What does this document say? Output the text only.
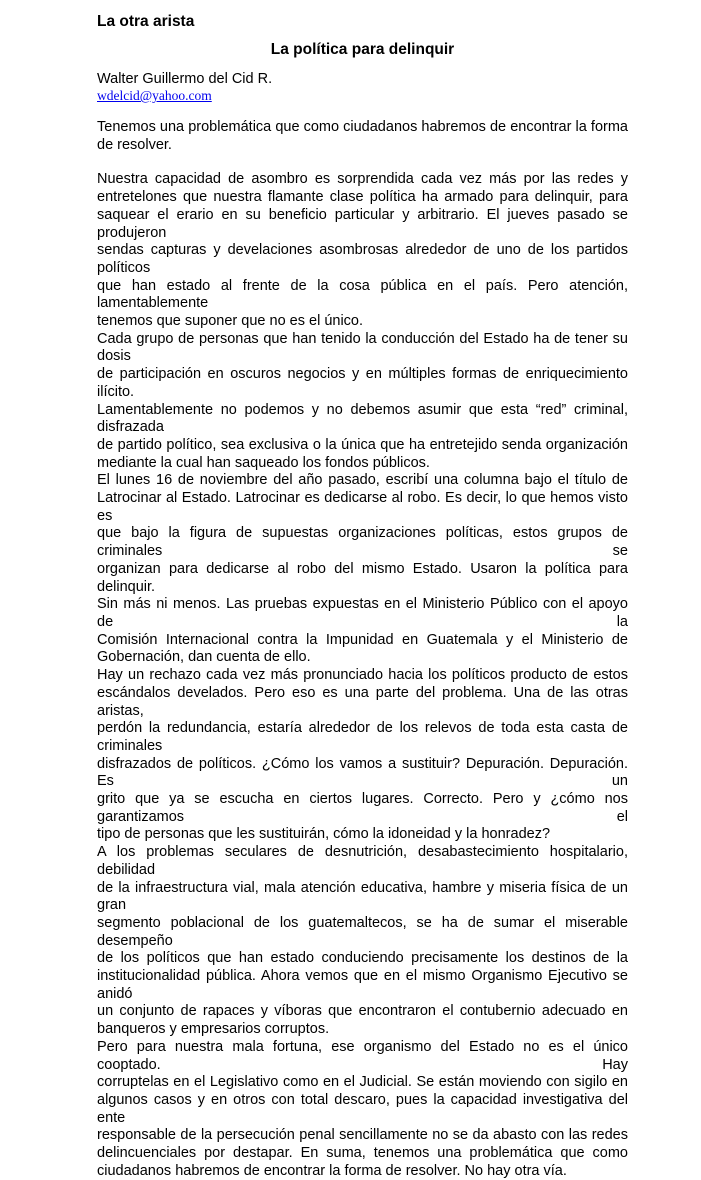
La otra arista
La política para delinquir
Walter Guillermo del Cid R.
wdelcid@yahoo.com
Tenemos una problemática que como ciudadanos habremos de encontrar la forma
de resolver.
Nuestra capacidad de asombro es sorprendida cada vez más por las redes y
entretelones que nuestra flamante clase política ha armado para delinquir, para
saquear el erario en su beneficio particular y arbitrario. El jueves pasado se produjeron
sendas capturas y develaciones asombrosas alrededor de uno de los partidos políticos
que han estado al frente de la cosa pública en el país. Pero atención, lamentablemente
tenemos que suponer que no es el único.
Cada grupo de personas que han tenido la conducción del Estado ha de tener su dosis
de participación en oscuros negocios y en múltiples formas de enriquecimiento ilícito.
Lamentablemente no podemos y no debemos asumir que esta “red” criminal, disfrazada
de partido político, sea exclusiva o la única que ha entretejido senda organización
mediante la cual han saqueado los fondos públicos.
El lunes 16 de noviembre del año pasado, escribí una columna bajo el título de
Latrocinar al Estado. Latrocinar es dedicarse al robo. Es decir, lo que hemos visto es
que bajo la figura de supuestas organizaciones políticas, estos grupos de criminales se
organizan para dedicarse al robo del mismo Estado. Usaron la política para delinquir.
Sin más ni menos. Las pruebas expuestas en el Ministerio Público con el apoyo de la
Comisión Internacional contra la Impunidad en Guatemala y el Ministerio de
Gobernación, dan cuenta de ello.
Hay un rechazo cada vez más pronunciado hacia los políticos producto de estos
escándalos develados. Pero eso es una parte del problema. Una de las otras aristas,
perdón la redundancia, estaría alrededor de los relevos de toda esta casta de criminales
disfrazados de políticos. ¿Cómo los vamos a sustituir? Depuración. Depuración. Es un
grito que ya se escucha en ciertos lugares. Correcto. Pero y ¿cómo nos garantizamos el
tipo de personas que les sustituirán, cómo la idoneidad y la honradez?
A los problemas seculares de desnutrición, desabastecimiento hospitalario, debilidad
de la infraestructura vial, mala atención educativa, hambre y miseria física de un gran
segmento poblacional de los guatemaltecos, se ha de sumar el miserable desempeño
de los políticos que han estado conduciendo precisamente los destinos de la
institucionalidad pública. Ahora vemos que en el mismo Organismo Ejecutivo se anidó
un conjunto de rapaces y víboras que encontraron el contubernio adecuado en
banqueros y empresarios corruptos.
Pero para nuestra mala fortuna, ese organismo del Estado no es el único cooptado. Hay
corruptelas en el Legislativo como en el Judicial. Se están moviendo con sigilo en
algunos casos y en otros con total descaro, pues la capacidad investigativa del ente
responsable de la persecución penal sencillamente no se da abasto con las redes
delincuenciales por destapar. En suma, tenemos una problemática que como
ciudadanos habremos de encontrar la forma de resolver. No hay otra vía.
